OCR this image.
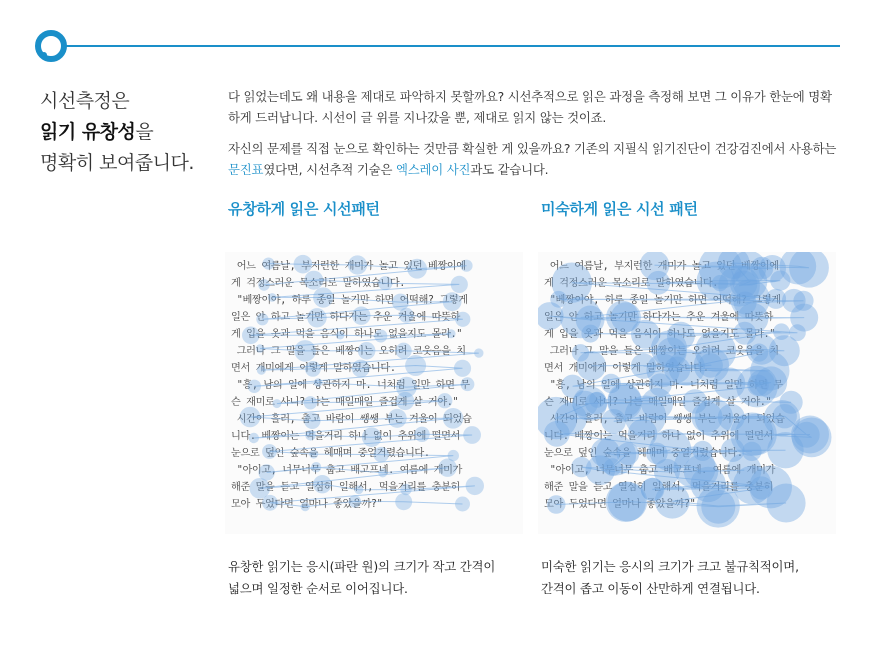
시선측정은
읽기 유창성을
명확히 보여줍니다.

다 읽었는데도 왜 내용을 제대로 파악하지 못할까요? 시선추적으로 읽은 과정을 측정해 보면 그 이유가 한눈에 명확하게 드러납니다. 시선이 글 위를 지나갔을 뿐, 제대로 읽지 않는 것이죠.

자신의 문제를 직접 눈으로 확인하는 것만큼 확실한 게 있을까요? 기존의 지필식 읽기진단이 건강검진에서 사용하는 문진표였다면, 시선추적 기술은 엑스레이 사진과도 같습니다.

유창하게 읽은 시선패턴	미숙하게 읽은 시선 패턴
어느 여름날, 부지런한 개미가 놀고 있던 베짱이에
게 걱정스러운 목소리로 말하였습니다.
"베짱이야, 하루 종일 놀기만 하면 어떡해? 그렇게
일은 안 하고 놀기만 하다가는 추운 겨울에 따뜻하
게 입을 옷과 먹을 음식이 하나도 없을지도 몰라."
그러나 그 말을 들은 베짱이는 오히려 코웃음을 치
면서 개미에게 이렇게 말하였습니다.
"흥, 남의 일에 상관하지 마. 너처럼 일만 하면 무
슨 재미로 사니? 나는 매일매일 즐겁게 살 거야."
시간이 흘러, 춥고 바람이 쌩쌩 부는 겨울이 되었습
니다. 베짱이는 먹을거리 하나 없이 추위에 떨면서
눈으로 덮인 숲속을 헤매며 중얼거렸습니다.
"아이고, 너무너무 춥고 배고프네. 여름에 개미가
해준 말을 듣고 열심히 일해서, 먹을거리를 충분히
모아 두었다면 얼마나 좋았을까?"
어느 여름날, 부지런한 개미가 놀고 있던 베짱이에
게 걱정스러운 목소리로 말하였습니다.
"베짱이야, 하루 종일 놀기만 하면 어떡해? 그렇게
일은 안 하고 놀기만 하다가는 추운 겨울에 따뜻하
게 입을 옷과 먹을 음식이 하나도 없을지도 몰라."
그러나 그 말을 들은 베짱이는 오히려 코웃음을 치
면서 개미에게 이렇게 말하였습니다.
"흥, 남의 일에 상관하지 마. 너처럼 일만 하면 무
슨 재미로 사니? 나는 매일매일 즐겁게 살 거야."
시간이 흘러, 춥고 바람이 쌩쌩 부는 겨울이 되었습
니다. 베짱이는 먹을거리 하나 없이 추위에 떨면서
눈으로 덮인 숲속을 헤매며 중얼거렸습니다.
"아이고, 너무너무 춥고 배고프네. 여름에 개미가
해준 말을 듣고 열심히 일해서, 먹을거리를 충분히
모아 두었다면 얼마나 좋았을까?"
유창한 읽기는 응시(파란 원)의 크기가 작고 간격이
넓으며 일정한 순서로 이어집니다.
미숙한 읽기는 응시의 크기가 크고 불규칙적이며,
간격이 좁고 이동이 산만하게 연결됩니다.
